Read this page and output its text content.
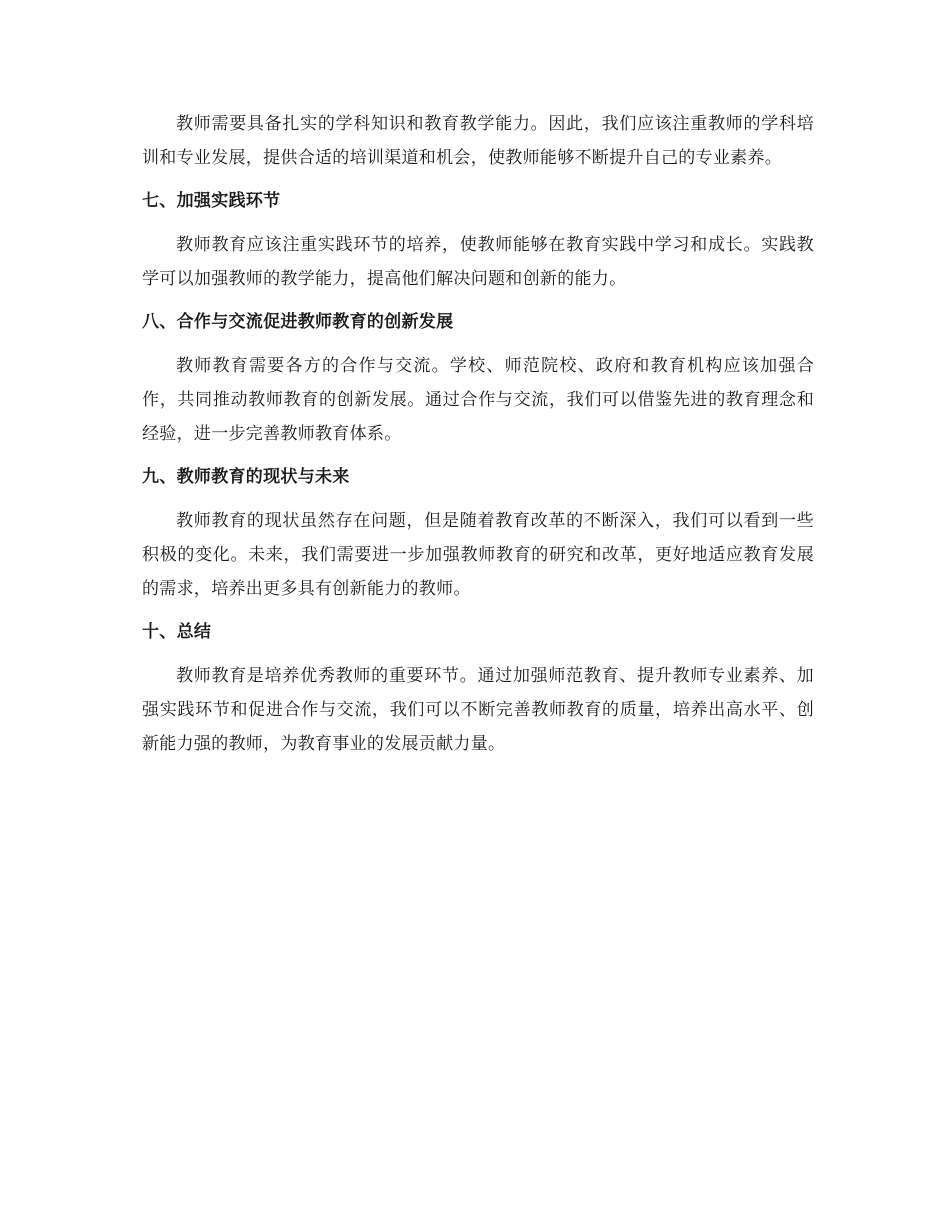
教师需要具备扎实的学科知识和教育教学能力。因此，我们应该注重教师的学科培训和专业发展，提供合适的培训渠道和机会，使教师能够不断提升自己的专业素养。

七、加强实践环节

教师教育应该注重实践环节的培养，使教师能够在教育实践中学习和成长。实践教学可以加强教师的教学能力，提高他们解决问题和创新的能力。

八、合作与交流促进教师教育的创新发展

教师教育需要各方的合作与交流。学校、师范院校、政府和教育机构应该加强合作，共同推动教师教育的创新发展。通过合作与交流，我们可以借鉴先进的教育理念和经验，进一步完善教师教育体系。

九、教师教育的现状与未来

教师教育的现状虽然存在问题，但是随着教育改革的不断深入，我们可以看到一些积极的变化。未来，我们需要进一步加强教师教育的研究和改革，更好地适应教育发展的需求，培养出更多具有创新能力的教师。

十、总结

教师教育是培养优秀教师的重要环节。通过加强师范教育、提升教师专业素养、加强实践环节和促进合作与交流，我们可以不断完善教师教育的质量，培养出高水平、创新能力强的教师，为教育事业的发展贡献力量。
